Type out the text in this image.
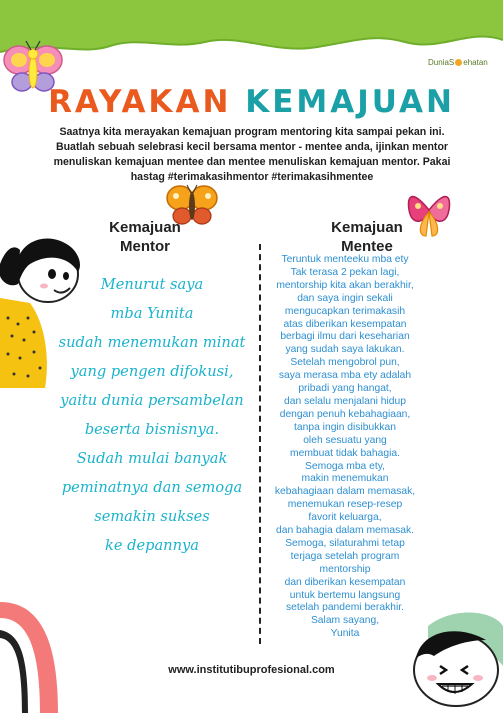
DuniaS ehatan
RAYAKAN KEMAJUAN
Saatnya kita merayakan kemajuan program mentoring kita sampai pekan ini.
Buatlah sebuah selebrasi kecil bersama mentor - mentee anda, ijinkan mentor
menuliskan kemajuan mentee dan mentee menuliskan kemajuan mentor. Pakai
hastag #terimakasihmentor #terimakasihmentee
Kemajuan
Mentor
Kemajuan
Mentee
Menurut saya
mba Yunita
sudah menemukan minat
yang pengen difokusi,
yaitu dunia persambelan
beserta bisnisnya.
Sudah mulai banyak
peminatnya dan semoga
semakin sukses
ke depannya
Teruntuk menteeku mba ety
Tak terasa 2 pekan lagi,
mentorship kita akan berakhir,
dan saya ingin sekali
mengucapkan terimakasih
atas diberikan kesempatan
berbagi ilmu dari keseharian
yang sudah saya lakukan.
Setelah mengobrol pun,
saya merasa mba ety adalah
pribadi yang hangat,
dan selalu menjalani hidup
dengan penuh kebahagiaan,
tanpa ingin disibukkan
oleh sesuatu yang
membuat tidak bahagia.
Semoga mba ety,
makin menemukan
kebahagiaan dalam memasak,
menemukan resep-resep
favorit keluarga,
dan bahagia dalam memasak.
Semoga, silaturahmi tetap
terjaga setelah program
mentorship
dan diberikan kesempatan
untuk bertemu langsung
setelah pandemi berakhir.
Salam sayang,
Yunita
www.institutibuprofesional.com
